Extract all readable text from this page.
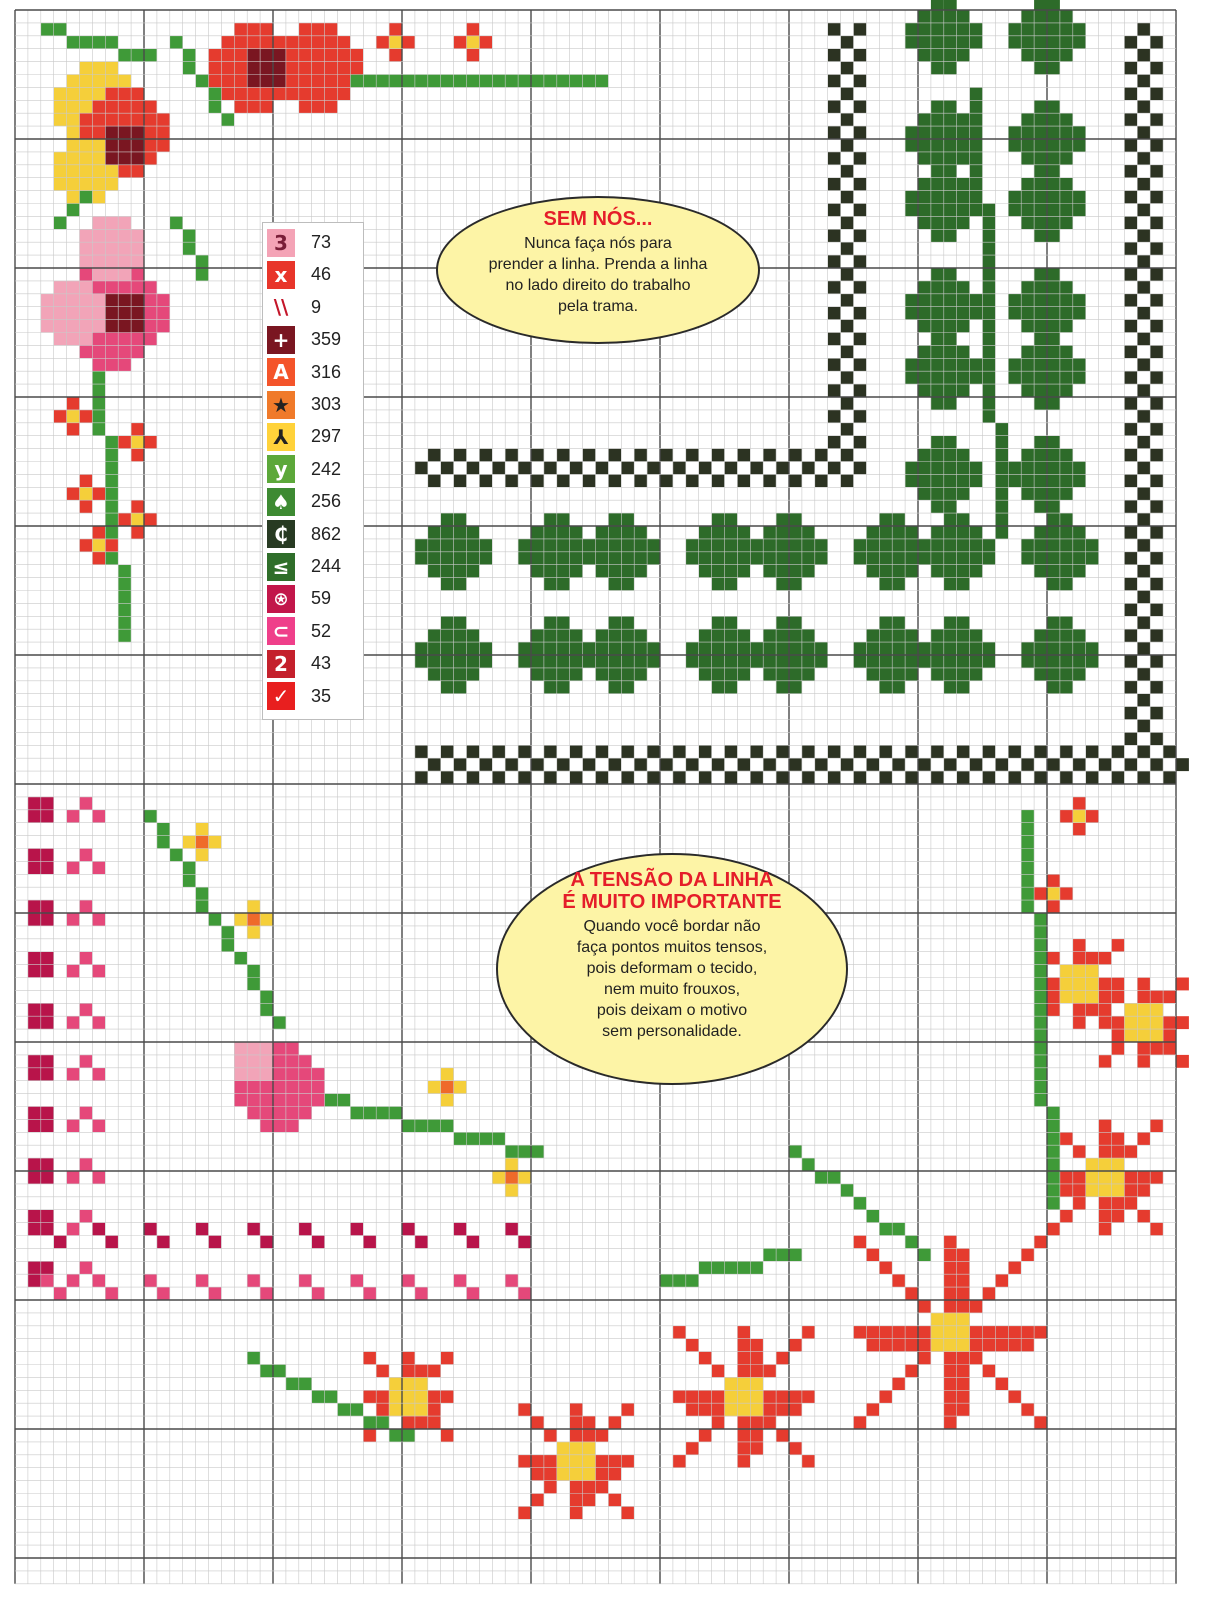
3	73
x	46
\\	9
+	359
A	316
★ 303
⅄	297
y	242
♠ 256
₵	862
≤	244
⍟	59
⊂	52
2	43
✓	35
SEM NÓS...
Nunca faça nós para
prender a linha. Prenda a linha
no lado direito do trabalho
pela trama.
A TENSÃO DA LINHA
É MUITO IMPORTANTE
Quando você bordar não
faça pontos muitos tensos,
pois deformam o tecido,
nem muito frouxos,
pois deixam o motivo
sem personalidade.
